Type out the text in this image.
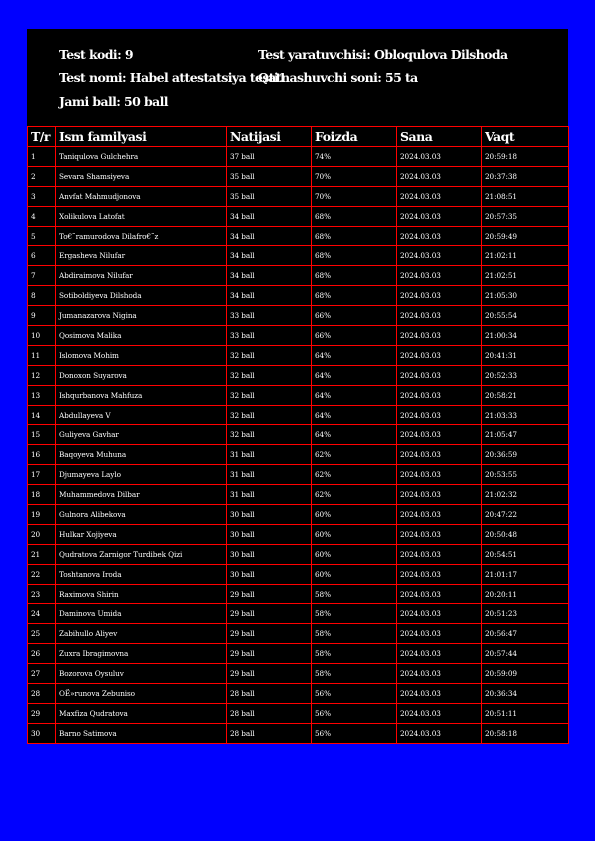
Test kodi: 9	Test yaratuvchisi: Obloqulova Dilshoda
Test nomi: Habel attestatsiya testi1
Qatnashuvchi soni: 55 ta
Jami ball: 50 ball
T/r	Ism familyasi	Natijasi	Foizda	Sana	Vaqt
1	Taniqulova Gulchehra	37 ball	74%	2024.03.03	20:59:18
2	Sevara Shamsiyeva	35 ball	70%	2024.03.03	20:37:38
3	Anvfat Mahmudjonova	35 ball	70%	2024.03.03	21:08:51
4	Xolikulova Latofat	34 ball	68%	2024.03.03	20:57:35
5	To€˜ramurodova Dilafro€˜z	34 ball	68%	2024.03.03	20:59:49
6	Ergasheva Nilufar	34 ball	68%	2024.03.03	21:02:11
7	Abdiraimova Nilufar	34 ball	68%	2024.03.03	21:02:51
8	Sotiboldiyeva Dilshoda	34 ball	68%	2024.03.03	21:05:30
9	Jumanazarova Nigina	33 ball	66%	2024.03.03	20:55:54
10	Qosimova Malika	33 ball	66%	2024.03.03	21:00:34
11	Islomova Mohim	32 ball	64%	2024.03.03	20:41:31
12	Donoxon Suyarova	32 ball	64%	2024.03.03	20:52:33
13	Ishqurbanova Mahfuza	32 ball	64%	2024.03.03	20:58:21
14	Abdullayeva V	32 ball	64%	2024.03.03	21:03:33
15	Guliyeva Gavhar	32 ball	64%	2024.03.03	21:05:47
16	Baqoyeva Muhuna	31 ball	62%	2024.03.03	20:36:59
17	Djumayeva Laylo	31 ball	62%	2024.03.03	20:53:55
18	Muhammedova Dilbar	31 ball	62%	2024.03.03	21:02:32
19	Gulnora Alibekova	30 ball	60%	2024.03.03	20:47:22
20	Hulkar Xojiyeva	30 ball	60%	2024.03.03	20:50:48
21	Qudratova Zarnigor Turdibek Qizi	30 ball	60%	2024.03.03	20:54:51
22	Toshtanova Iroda	30 ball	60%	2024.03.03	21:01:17
23	Raximova Shirin	29 ball	58%	2024.03.03	20:20:11
24	Daminova Umida	29 ball	58%	2024.03.03	20:51:23
25	Zabihullo Aliyev	29 ball	58%	2024.03.03	20:56:47
26	Zuxra Ibragimovna	29 ball	58%	2024.03.03	20:57:44
27	Bozorova Oysuluv	29 ball	58%	2024.03.03	20:59:09
28	OЁ»runova Zebuniso	28 ball	56%	2024.03.03	20:36:34
29	Maxfiza Qudratova	28 ball	56%	2024.03.03	20:51:11
30	Barno Satimova	28 ball	56%	2024.03.03	20:58:18
